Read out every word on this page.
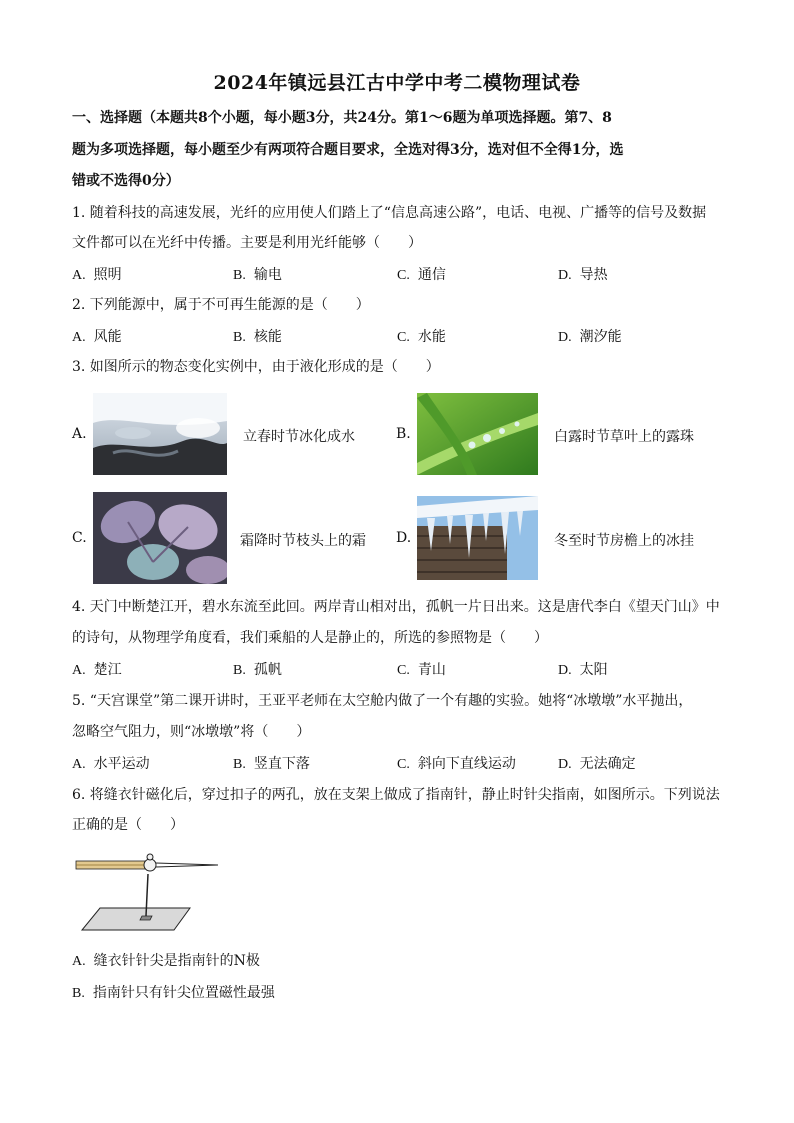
2024年镇远县江古中学中考二模物理试卷
一、选择题（本题共8个小题，每小题3分，共24分。第1～6题为单项选择题。第7、8
题为多项选择题，每小题至少有两项符合题目要求，全选对得3分，选对但不全得1分，选
错或不选得0分）
1. 随着科技的高速发展，光纤的应用使人们踏上了“信息高速公路”，电话、电视、广播等的信号及数据
文件都可以在光纤中传播。主要是利用光纤能够（　　）
A. 照明	B. 输电	C. 通信	D. 导热
2. 下列能源中，属于不可再生能源的是（　　）
A. 风能	B. 核能	C. 水能	D. 潮汐能
3. 如图所示的物态变化实例中，由于液化形成的是（　　）
A.	立春时节冰化成水	B.	白露时节草叶上的露珠
C.	霜降时节枝头上的霜 D.	冬至时节房檐上的冰挂
4. 天门中断楚江开，碧水东流至此回。两岸青山相对出，孤帆一片日出来。这是唐代李白《望天门山》中
的诗句，从物理学角度看，我们乘船的人是静止的，所选的参照物是（　　）
A. 楚江	B. 孤帆	C. 青山	D. 太阳
5. “天宫课堂”第二课开讲时，王亚平老师在太空舱内做了一个有趣的实验。她将“冰墩墩”水平抛出，
忽略空气阻力，则“冰墩墩”将（　　）
A. 水平运动	B. 竖直下落	C. 斜向下直线运动	D. 无法确定
6. 将缝衣针磁化后，穿过扣子的两孔，放在支架上做成了指南针，静止时针尖指南，如图所示。下列说法
正确的是（　　）
A. 缝衣针针尖是指南针的N极
B. 指南针只有针尖位置磁性最强
